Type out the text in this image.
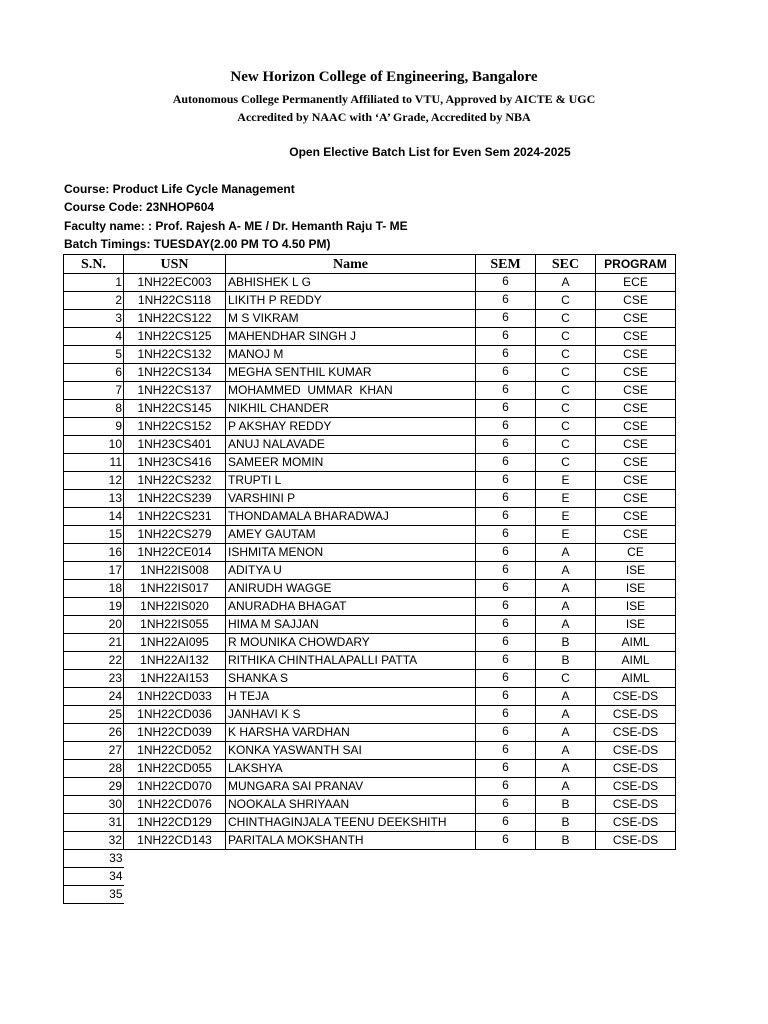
New Horizon College of Engineering, Bangalore
Autonomous College Permanently Affiliated to VTU, Approved by AICTE & UGC
Accredited by NAAC with ‘A’ Grade, Accredited by NBA
Open Elective Batch List for Even Sem 2024-2025
Course: Product Life Cycle Management
Course Code: 23NHOP604
Faculty name: : Prof. Rajesh A- ME / Dr. Hemanth Raju T- ME
Batch Timings: TUESDAY(2.00 PM TO 4.50 PM)
S.N.	USN	Name	SEM	SEC	PROGRAM
1	1NH22EC003	ABHISHEK L G	6	A	ECE
2	1NH22CS118	LIKITH P REDDY	6	C	CSE
3	1NH22CS122	M S VIKRAM	6	C	CSE
4	1NH22CS125	MAHENDHAR SINGH J	6	C	CSE
5	1NH22CS132	MANOJ M	6	C	CSE
6	1NH22CS134	MEGHA SENTHIL KUMAR	6	C	CSE
7	1NH22CS137	MOHAMMED  UMMAR  KHAN	6	C	CSE
8	1NH22CS145	NIKHIL CHANDER	6	C	CSE
9	1NH22CS152	P AKSHAY REDDY	6	C	CSE
10	1NH23CS401	ANUJ NALAVADE	6	C	CSE
11	1NH23CS416	SAMEER MOMIN	6	C	CSE
12	1NH22CS232	TRUPTI L	6	E	CSE
13	1NH22CS239	VARSHINI P	6	E	CSE
14	1NH22CS231	THONDAMALA BHARADWAJ	6	E	CSE
15	1NH22CS279	AMEY GAUTAM	6	E	CSE
16	1NH22CE014	ISHMITA MENON	6	A	CE
17	1NH22IS008	ADITYA U	6	A	ISE
18	1NH22IS017	ANIRUDH WAGGE	6	A	ISE
19	1NH22IS020	ANURADHA BHAGAT	6	A	ISE
20	1NH22IS055	HIMA M SAJJAN	6	A	ISE
21	1NH22AI095	R MOUNIKA CHOWDARY	6	B	AIML
22	1NH22AI132	RITHIKA CHINTHALAPALLI PATTA	6	B	AIML
23	1NH22AI153	SHANKA S	6	C	AIML
24	1NH22CD033	H TEJA	6	A	CSE-DS
25	1NH22CD036	JANHAVI K S	6	A	CSE-DS
26	1NH22CD039	K HARSHA VARDHAN	6	A	CSE-DS
27	1NH22CD052	KONKA YASWANTH SAI	6	A	CSE-DS
28	1NH22CD055	LAKSHYA	6	A	CSE-DS
29	1NH22CD070	MUNGARA SAI PRANAV	6	A	CSE-DS
30	1NH22CD076	NOOKALA SHRIYAAN	6	B	CSE-DS
31	1NH22CD129	CHINTHAGINJALA TEENU DEEKSHITH	6	B	CSE-DS
32	1NH22CD143	PARITALA MOKSHANTH	6	B	CSE-DS
33					
34					
35					
